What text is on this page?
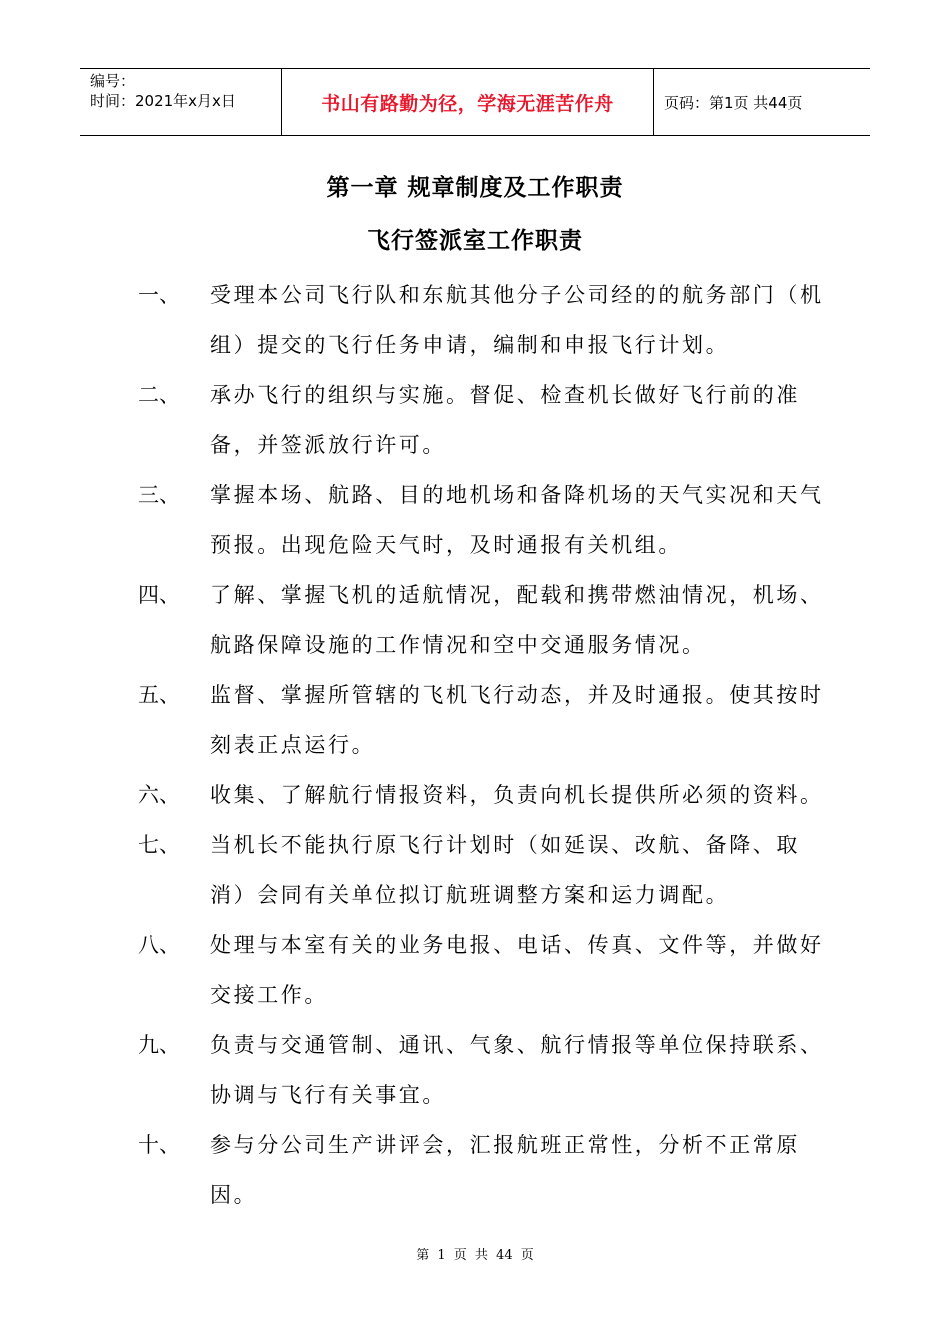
编号：
时间：2021年x月x日	书山有路勤为径，学海无涯苦作舟	页码：第1页 共44页
第一章 规章制度及工作职责
飞行签派室工作职责
一、	受理本公司飞行队和东航其他分子公司经的的航务部门（机组）提交的飞行任务申请，编制和申报飞行计划。
二、	承办飞行的组织与实施。督促、检查机长做好飞行前的准备，并签派放行许可。
三、	掌握本场、航路、目的地机场和备降机场的天气实况和天气预报。出现危险天气时，及时通报有关机组。
四、	了解、掌握飞机的适航情况，配载和携带燃油情况，机场、航路保障设施的工作情况和空中交通服务情况。
五、	监督、掌握所管辖的飞机飞行动态，并及时通报。使其按时刻表正点运行。
六、	收集、了解航行情报资料，负责向机长提供所必须的资料。
七、	当机长不能执行原飞行计划时（如延误、改航、备降、取消）会同有关单位拟订航班调整方案和运力调配。
八、	处理与本室有关的业务电报、电话、传真、文件等，并做好交接工作。
九、	负责与交通管制、通讯、气象、航行情报等单位保持联系、协调与飞行有关事宜。
十、	参与分公司生产讲评会，汇报航班正常性，分析不正常原因。
第 1 页 共 44 页
